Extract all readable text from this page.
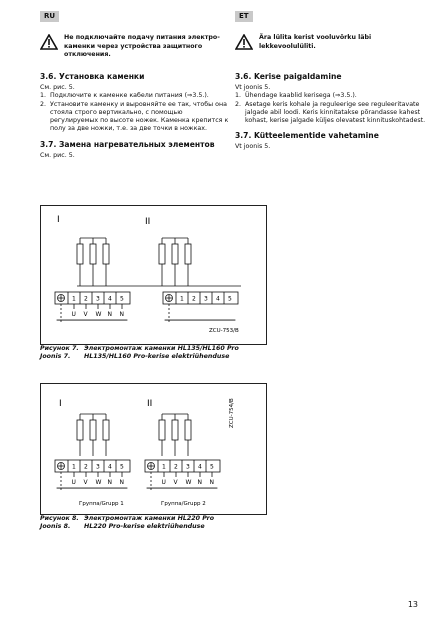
RU	ET
Не подключайте подачу питания электро-каменки через устройства защитного отключения.
Ära lülita kerist vooluvõrku läbi lekkevoolulüliti.
3.6. Установка каменки

См. рис. 5.

1. Подключите к каменке кабели питания (⇒3.5.).
2. Установите каменку и выровняйте ее так, чтобы она стояла строго вертикально, с помощью регулируемых по высоте ножек. Каменка крепится к полу за две ножки, т.е. за две точки в ножках.
3.7. Замена нагревательных элементов

См. рис. 5.

3.6. Kerise paigaldamine

Vt joonis 5.

1. Ühendage kaablid kerisega (⇒3.5.).
2. Asetage keris kohale ja reguleerige see reguleeritavate jalgade abil loodi. Keris kinnitatakse põrandasse kahest kohast, kerise jalgade küljes olevatest kinnituskohtadest.
3.7. Kütteelementide vahetamine

Vt joonis 5.

I	II
1
U
2
V
3
W
4
N
5
N
1 2 3 4 5
ZCU-753/B
Рисунок 7. Электромонтаж каменки HL135/HL160 Pro
Joonis 7.	HL135/HL160 Pro-kerise elektriühenduse
I	II	ZCU-754/B
1
U
2
V
3
W
4
N
5
N
1
U
2
V
3
W
4
N
5
N
Группа/Grupp 1	Группа/Grupp 2
Рисунок 8. Электромонтаж каменки HL220 Pro
Joonis 8.	HL220 Pro-kerise elektriühenduse
13
